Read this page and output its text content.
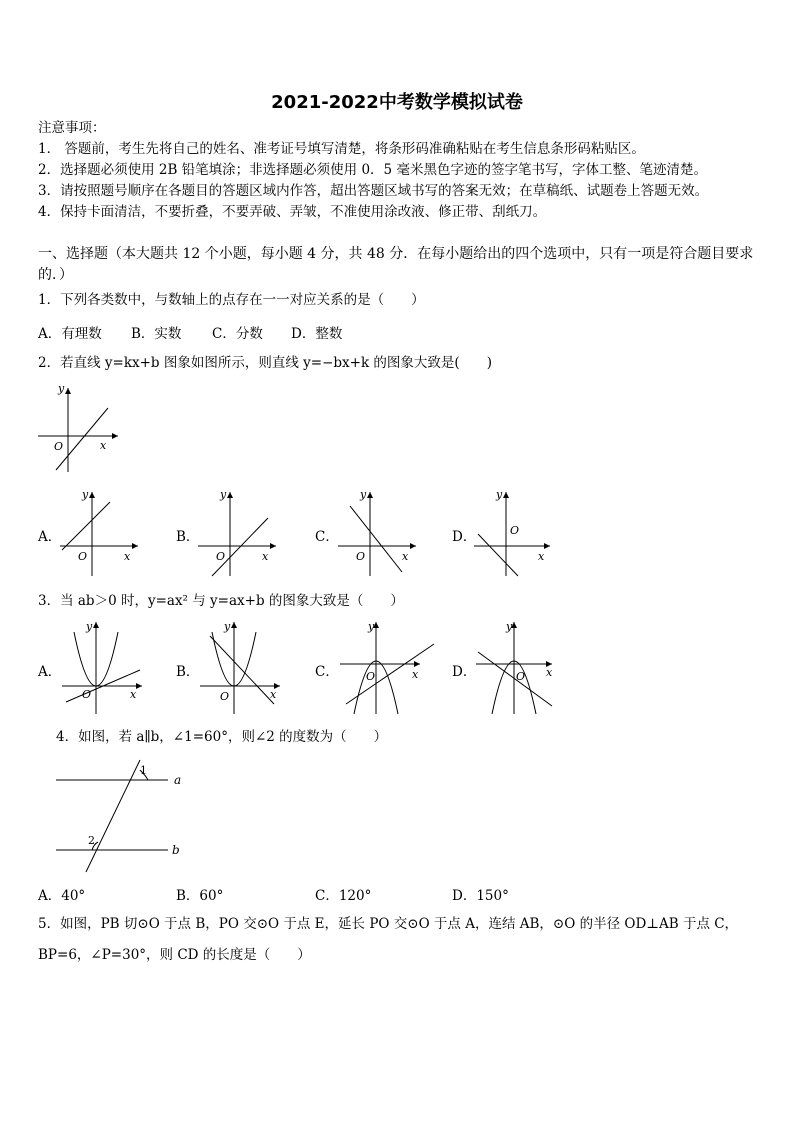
2021-2022中考数学模拟试卷
注意事项：
1． 答题前，考生先将自己的姓名、准考证号填写清楚，将条形码准确粘贴在考生信息条形码粘贴区。
2．选择题必须使用 2B 铅笔填涂；非选择题必须使用 0．5 毫米黑色字迹的签字笔书写，字体工整、笔迹清楚。
3．请按照题号顺序在各题目的答题区域内作答，超出答题区域书写的答案无效；在草稿纸、试题卷上答题无效。
4．保持卡面清洁，不要折叠，不要弄破、弄皱，不准使用涂改液、修正带、刮纸刀。
一、选择题（本大题共 12 个小题，每小题 4 分，共 48 分．在每小题给出的四个选项中，只有一项是符合题目要求
的．）
1．下列各类数中，与数轴上的点存在一一对应关系的是（　　）
A．有理数 B．实数 C．分数 D．整数
2．若直线 y=kx+b 图象如图所示，则直线 y=−bx+k 的图象大致是(　　)
y
O	x
A．
y
O	x
B．
y
O	x
C．
y
O	x
D．
y
O
x
3．当 ab＞0 时，y=ax² 与 y=ax+b 的图象大致是（　　）
A．
y
O	x
B．
y
O	x
C．
y
O	x	D．
y
O x
4．如图，若 a∥b，∠1=60°，则∠2 的度数为（　　）
1
2
a
b
A．40°	B．60°	C．120°	D．150°
5．如图，PB 切⊙O 于点 B，PO 交⊙O 于点 E，延长 PO 交⊙O 于点 A，连结 AB，⊙O 的半径 OD⊥AB 于点 C，
BP=6，∠P=30°，则 CD 的长度是（　　）
